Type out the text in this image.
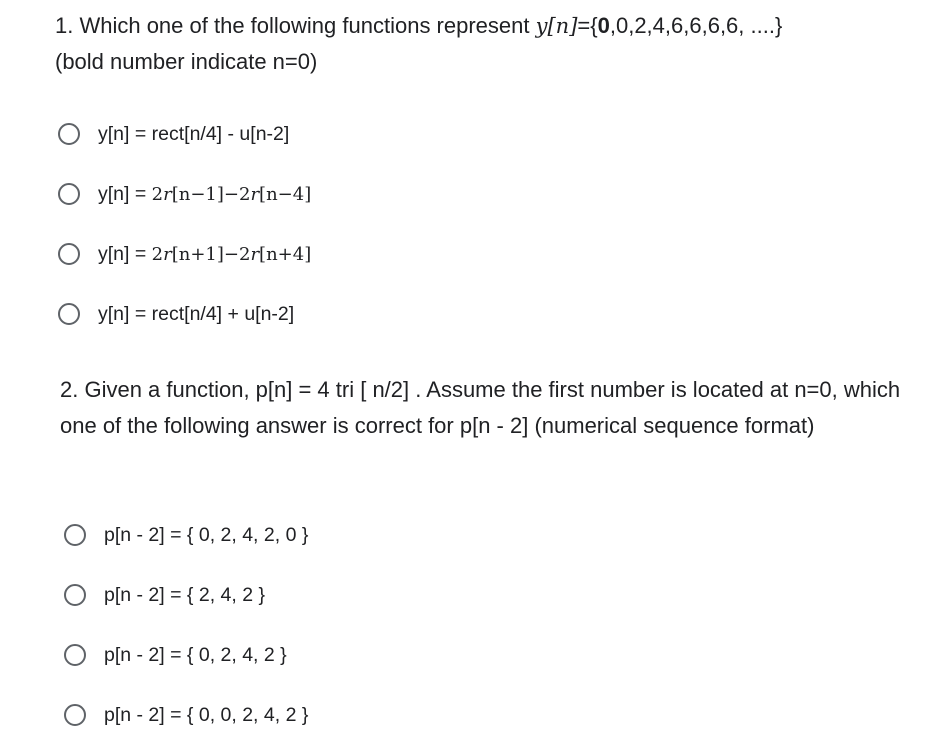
1. Which one of the following functions represent y[n]={0,0,2,4,6,6,6,6, ....}

(bold number indicate n=0)

y[n] = rect[n/4] - u[n-2]
y[n] = 2r[n−1]−2r[n−4]
y[n] = 2r[n+1]−2r[n+4]
y[n] = rect[n/4] + u[n-2]

2. Given a function, p[n] = 4 tri [ n/2] . Assume the first number is located at n=0, which one of the following answer is correct for p[n - 2] (numerical sequence format)

p[n - 2] = { 0, 2, 4, 2, 0 }
p[n - 2] = { 2, 4, 2 }
p[n - 2] = { 0, 2, 4, 2 }
p[n - 2] = { 0, 0, 2, 4, 2 }
